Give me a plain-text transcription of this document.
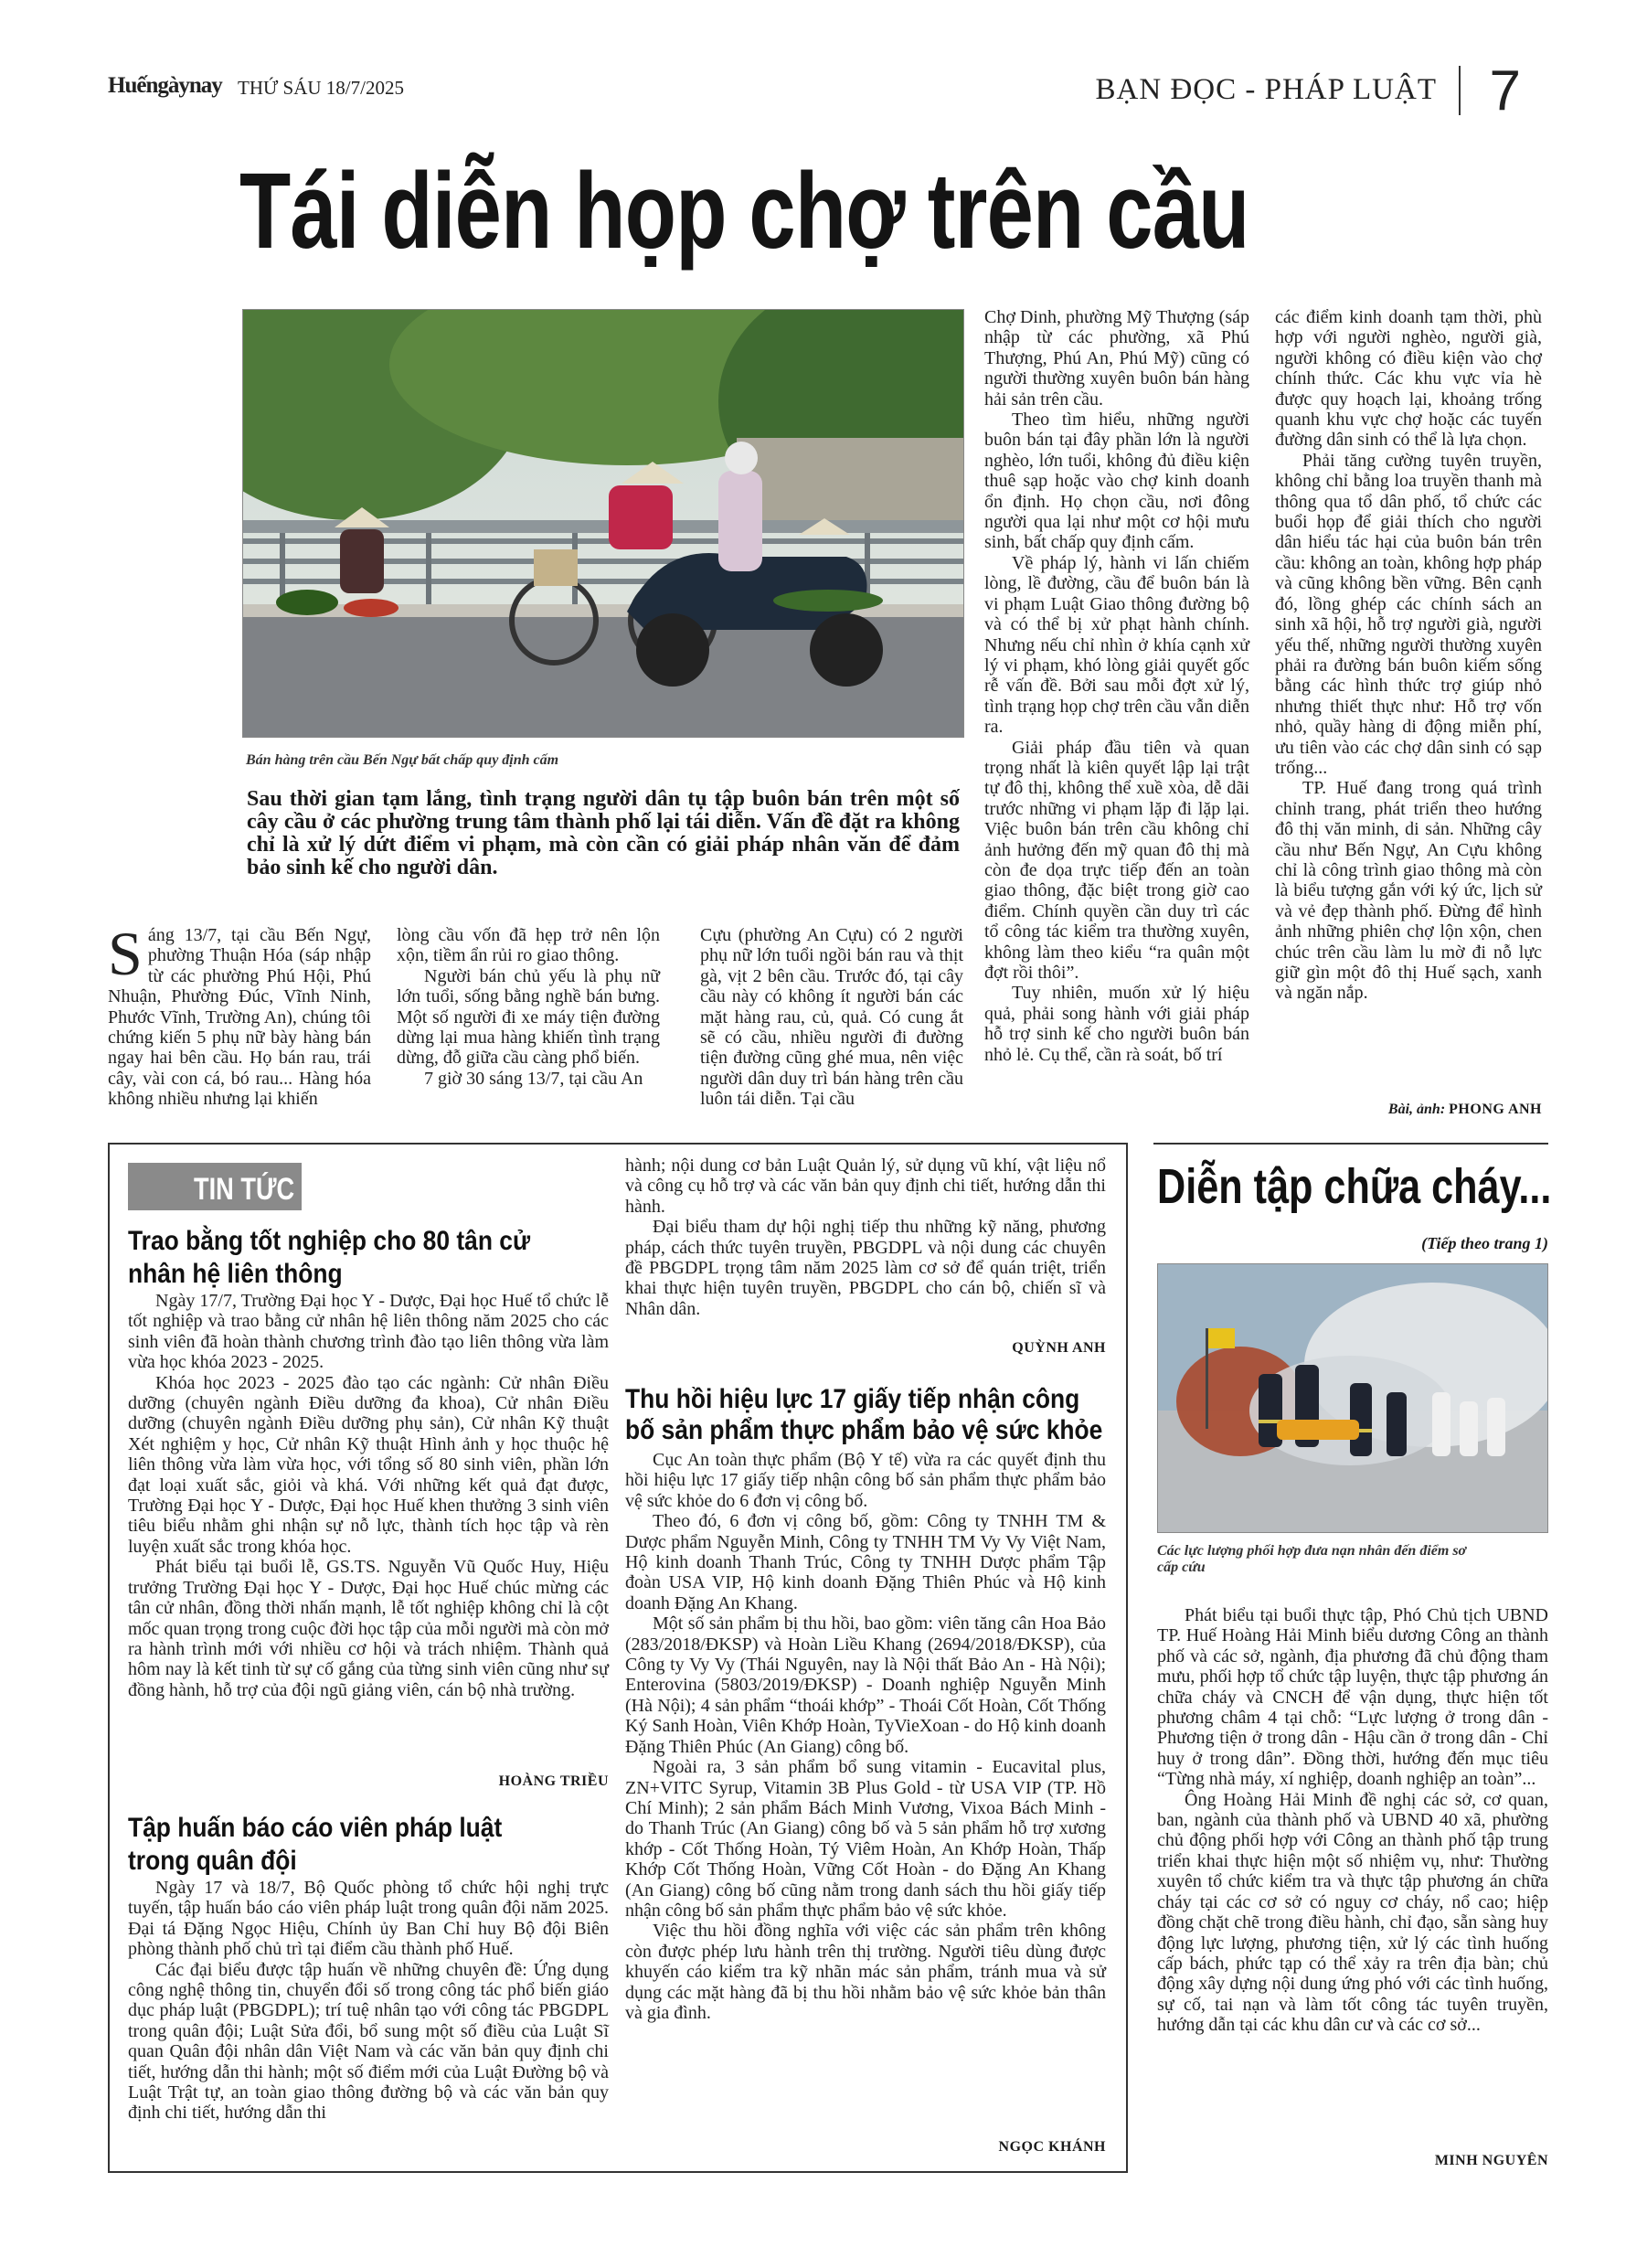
Huếngàynay THỨ SÁU 18/7/2025	BẠN ĐỌC - PHÁP LUẬT 7
Tái diễn họp chợ trên cầu
Bán hàng trên cầu Bến Ngự bất chấp quy định cấm
Sau thời gian tạm lắng, tình trạng người dân tụ tập buôn bán trên một số cây cầu ở các phường trung tâm thành phố lại tái diễn. Vấn đề đặt ra không chỉ là xử lý dứt điểm vi phạm, mà còn cần có giải pháp nhân văn để đảm bảo sinh kế cho người dân.

Sáng 13/7, tại cầu Bến Ngự, phường Thuận Hóa (sáp nhập từ các phường Phú Hội, Phú Nhuận, Phường Đúc, Vĩnh Ninh, Phước Vĩnh, Trường An), chúng tôi chứng kiến 5 phụ nữ bày hàng bán ngay hai bên cầu. Họ bán rau, trái cây, vài con cá, bó rau... Hàng hóa không nhiều nhưng lại khiến

lòng cầu vốn đã hẹp trở nên lộn xộn, tiềm ẩn rủi ro giao thông.

Người bán chủ yếu là phụ nữ lớn tuổi, sống bằng nghề bán bưng. Một số người đi xe máy tiện đường dừng lại mua hàng khiến tình trạng dừng, đỗ giữa cầu càng phổ biến.

7 giờ 30 sáng 13/7, tại cầu An

Cựu (phường An Cựu) có 2 người phụ nữ lớn tuổi ngồi bán rau và thịt gà, vịt 2 bên cầu. Trước đó, tại cây cầu này có không ít người bán các mặt hàng rau, củ, quả. Có cung ắt sẽ có cầu, nhiều người đi đường tiện đường cũng ghé mua, nên việc người dân duy trì bán hàng trên cầu luôn tái diễn. Tại cầu

Chợ Dinh, phường Mỹ Thượng (sáp nhập từ các phường, xã Phú Thượng, Phú An, Phú Mỹ) cũng có người thường xuyên buôn bán hàng hải sản trên cầu.

Theo tìm hiểu, những người buôn bán tại đây phần lớn là người nghèo, lớn tuổi, không đủ điều kiện thuê sạp hoặc vào chợ kinh doanh ổn định. Họ chọn cầu, nơi đông người qua lại như một cơ hội mưu sinh, bất chấp quy định cấm.

Về pháp lý, hành vi lấn chiếm lòng, lề đường, cầu để buôn bán là vi phạm Luật Giao thông đường bộ và có thể bị xử phạt hành chính. Nhưng nếu chỉ nhìn ở khía cạnh xử lý vi phạm, khó lòng giải quyết gốc rễ vấn đề. Bởi sau mỗi đợt xử lý, tình trạng họp chợ trên cầu vẫn diễn ra.

Giải pháp đầu tiên và quan trọng nhất là kiên quyết lập lại trật tự đô thị, không thể xuề xòa, dễ dãi trước những vi phạm lặp đi lặp lại. Việc buôn bán trên cầu không chỉ ảnh hưởng đến mỹ quan đô thị mà còn đe dọa trực tiếp đến an toàn giao thông, đặc biệt trong giờ cao điểm. Chính quyền cần duy trì các tổ công tác kiểm tra thường xuyên, không làm theo kiểu “ra quân một đợt rồi thôi”.

Tuy nhiên, muốn xử lý hiệu quả, phải song hành với giải pháp hỗ trợ sinh kế cho người buôn bán nhỏ lẻ. Cụ thể, cần rà soát, bố trí

các điểm kinh doanh tạm thời, phù hợp với người nghèo, người già, người không có điều kiện vào chợ chính thức. Các khu vực vỉa hè được quy hoạch lại, khoảng trống quanh khu vực chợ hoặc các tuyến đường dân sinh có thể là lựa chọn.

Phải tăng cường tuyên truyền, không chỉ bằng loa truyền thanh mà thông qua tổ dân phố, tổ chức các buổi họp để giải thích cho người dân hiểu tác hại của buôn bán trên cầu: không an toàn, không hợp pháp và cũng không bền vững. Bên cạnh đó, lồng ghép các chính sách an sinh xã hội, hỗ trợ người già, người yếu thế, những người thường xuyên phải ra đường bán buôn kiếm sống bằng các hình thức trợ giúp nhỏ nhưng thiết thực như: Hỗ trợ vốn nhỏ, quầy hàng di động miễn phí, ưu tiên vào các chợ dân sinh có sạp trống...

TP. Huế đang trong quá trình chỉnh trang, phát triển theo hướng đô thị văn minh, di sản. Những cây cầu như Bến Ngự, An Cựu không chỉ là công trình giao thông mà còn là biểu tượng gắn với ký ức, lịch sử và vẻ đẹp thành phố. Đừng để hình ảnh những phiên chợ lộn xộn, chen chúc trên cầu làm lu mờ đi nỗ lực giữ gìn một đô thị Huế sạch, xanh và ngăn nắp.

Bài, ảnh: PHONG ANH
TIN TỨC
Trao bằng tốt nghiệp cho 80 tân cử nhân hệ liên thông

Ngày 17/7, Trường Đại học Y - Dược, Đại học Huế tổ chức lễ tốt nghiệp và trao bằng cử nhân hệ liên thông năm 2025 cho các sinh viên đã hoàn thành chương trình đào tạo liên thông vừa làm vừa học khóa 2023 - 2025.

Khóa học 2023 - 2025 đào tạo các ngành: Cử nhân Điều dưỡng (chuyên ngành Điều dưỡng đa khoa), Cử nhân Điều dưỡng (chuyên ngành Điều dưỡng phụ sản), Cử nhân Kỹ thuật Xét nghiệm y học, Cử nhân Kỹ thuật Hình ảnh y học thuộc hệ liên thông vừa làm vừa học, với tổng số 80 sinh viên, phần lớn đạt loại xuất sắc, giỏi và khá. Với những kết quả đạt được, Trường Đại học Y - Dược, Đại học Huế khen thưởng 3 sinh viên tiêu biểu nhằm ghi nhận sự nỗ lực, thành tích học tập và rèn luyện xuất sắc trong khóa học.

Phát biểu tại buổi lễ, GS.TS. Nguyễn Vũ Quốc Huy, Hiệu trưởng Trường Đại học Y - Dược, Đại học Huế chúc mừng các tân cử nhân, đồng thời nhấn mạnh, lễ tốt nghiệp không chỉ là cột mốc quan trọng trong cuộc đời học tập của mỗi người mà còn mở ra hành trình mới với nhiều cơ hội và trách nhiệm. Thành quả hôm nay là kết tinh từ sự cố gắng của từng sinh viên cũng như sự đồng hành, hỗ trợ của đội ngũ giảng viên, cán bộ nhà trường.

HOÀNG TRIỀU
Tập huấn báo cáo viên pháp luật trong quân đội

Ngày 17 và 18/7, Bộ Quốc phòng tổ chức hội nghị trực tuyến, tập huấn báo cáo viên pháp luật trong quân đội năm 2025. Đại tá Đặng Ngọc Hiệu, Chính ủy Ban Chỉ huy Bộ đội Biên phòng thành phố chủ trì tại điểm cầu thành phố Huế.

Các đại biểu được tập huấn về những chuyên đề: Ứng dụng công nghệ thông tin, chuyển đổi số trong công tác phổ biến giáo dục pháp luật (PBGDPL); trí tuệ nhân tạo với công tác PBGDPL trong quân đội; Luật Sửa đổi, bổ sung một số điều của Luật Sĩ quan Quân đội nhân dân Việt Nam và các văn bản quy định chi tiết, hướng dẫn thi hành; một số điểm mới của Luật Đường bộ và Luật Trật tự, an toàn giao thông đường bộ và các văn bản quy định chi tiết, hướng dẫn thi

hành; nội dung cơ bản Luật Quản lý, sử dụng vũ khí, vật liệu nổ và công cụ hỗ trợ và các văn bản quy định chi tiết, hướng dẫn thi hành.

Đại biểu tham dự hội nghị tiếp thu những kỹ năng, phương pháp, cách thức tuyên truyền, PBGDPL và nội dung các chuyên đề PBGDPL trọng tâm năm 2025 làm cơ sở để quán triệt, triển khai thực hiện tuyên truyền, PBGDPL cho cán bộ, chiến sĩ và Nhân dân.

QUỲNH ANH
Thu hồi hiệu lực 17 giấy tiếp nhận công bố sản phẩm thực phẩm bảo vệ sức khỏe

Cục An toàn thực phẩm (Bộ Y tế) vừa ra các quyết định thu hồi hiệu lực 17 giấy tiếp nhận công bố sản phẩm thực phẩm bảo vệ sức khỏe do 6 đơn vị công bố.

Theo đó, 6 đơn vị công bố, gồm: Công ty TNHH TM & Dược phẩm Nguyễn Minh, Công ty TNHH TM Vy Vy Việt Nam, Hộ kinh doanh Thanh Trúc, Công ty TNHH Dược phẩm Tập đoàn USA VIP, Hộ kinh doanh Đặng Thiên Phúc và Hộ kinh doanh Đặng An Khang.

Một số sản phẩm bị thu hồi, bao gồm: viên tăng cân Hoa Bảo (283/2018/ĐKSP) và Hoàn Liều Khang (2694/2018/ĐKSP), của Công ty Vy Vy (Thái Nguyên, nay là Nội thất Bảo An - Hà Nội); Enterovina (5803/2019/ĐKSP) - Doanh nghiệp Nguyễn Minh (Hà Nội); 4 sản phẩm “thoái khớp” - Thoái Cốt Hoàn, Cốt Thống Ký Sanh Hoàn, Viên Khớp Hoàn, TyVieXoan - do Hộ kinh doanh Đặng Thiên Phúc (An Giang) công bố.

Ngoài ra, 3 sản phẩm bổ sung vitamin - Eucavital plus, ZN+VITC Syrup, Vitamin 3B Plus Gold - từ USA VIP (TP. Hồ Chí Minh); 2 sản phẩm Bách Minh Vương, Vixoa Bách Minh - do Thanh Trúc (An Giang) công bố và 5 sản phẩm hỗ trợ xương khớp - Cốt Thống Hoàn, Tý Viêm Hoàn, An Khớp Hoàn, Thấp Khớp Cốt Thống Hoàn, Vững Cốt Hoàn - do Đặng An Khang (An Giang) công bố cũng nằm trong danh sách thu hồi giấy tiếp nhận công bố sản phẩm thực phẩm bảo vệ sức khỏe.

Việc thu hồi đồng nghĩa với việc các sản phẩm trên không còn được phép lưu hành trên thị trường. Người tiêu dùng được khuyến cáo kiểm tra kỹ nhãn mác sản phẩm, tránh mua và sử dụng các mặt hàng đã bị thu hồi nhằm bảo vệ sức khỏe bản thân và gia đình.

NGỌC KHÁNH
Diễn tập chữa cháy...
(Tiếp theo trang 1)
Các lực lượng phối hợp đưa nạn nhân đến điểm sơ cấp cứu

Phát biểu tại buổi thực tập, Phó Chủ tịch UBND TP. Huế Hoàng Hải Minh biểu dương Công an thành phố và các sở, ngành, địa phương đã chủ động tham mưu, phối hợp tổ chức tập luyện, thực tập phương án chữa cháy và CNCH để vận dụng, thực hiện tốt phương châm 4 tại chỗ: “Lực lượng ở trong dân - Phương tiện ở trong dân - Hậu cần ở trong dân - Chỉ huy ở trong dân”. Đồng thời, hướng đến mục tiêu “Từng nhà máy, xí nghiệp, doanh nghiệp an toàn”...

Ông Hoàng Hải Minh đề nghị các sở, cơ quan, ban, ngành của thành phố và UBND 40 xã, phường chủ động phối hợp với Công an thành phố tập trung triển khai thực hiện một số nhiệm vụ, như: Thường xuyên tổ chức kiểm tra và thực tập phương án chữa cháy tại các cơ sở có nguy cơ cháy, nổ cao; hiệp đồng chặt chẽ trong điều hành, chỉ đạo, sẵn sàng huy động lực lượng, phương tiện, xử lý các tình huống cấp bách, phức tạp có thể xảy ra trên địa bàn; chủ động xây dựng nội dung ứng phó với các tình huống, sự cố, tai nạn và làm tốt công tác tuyên truyền, hướng dẫn tại các khu dân cư và các cơ sở...

MINH NGUYÊN
